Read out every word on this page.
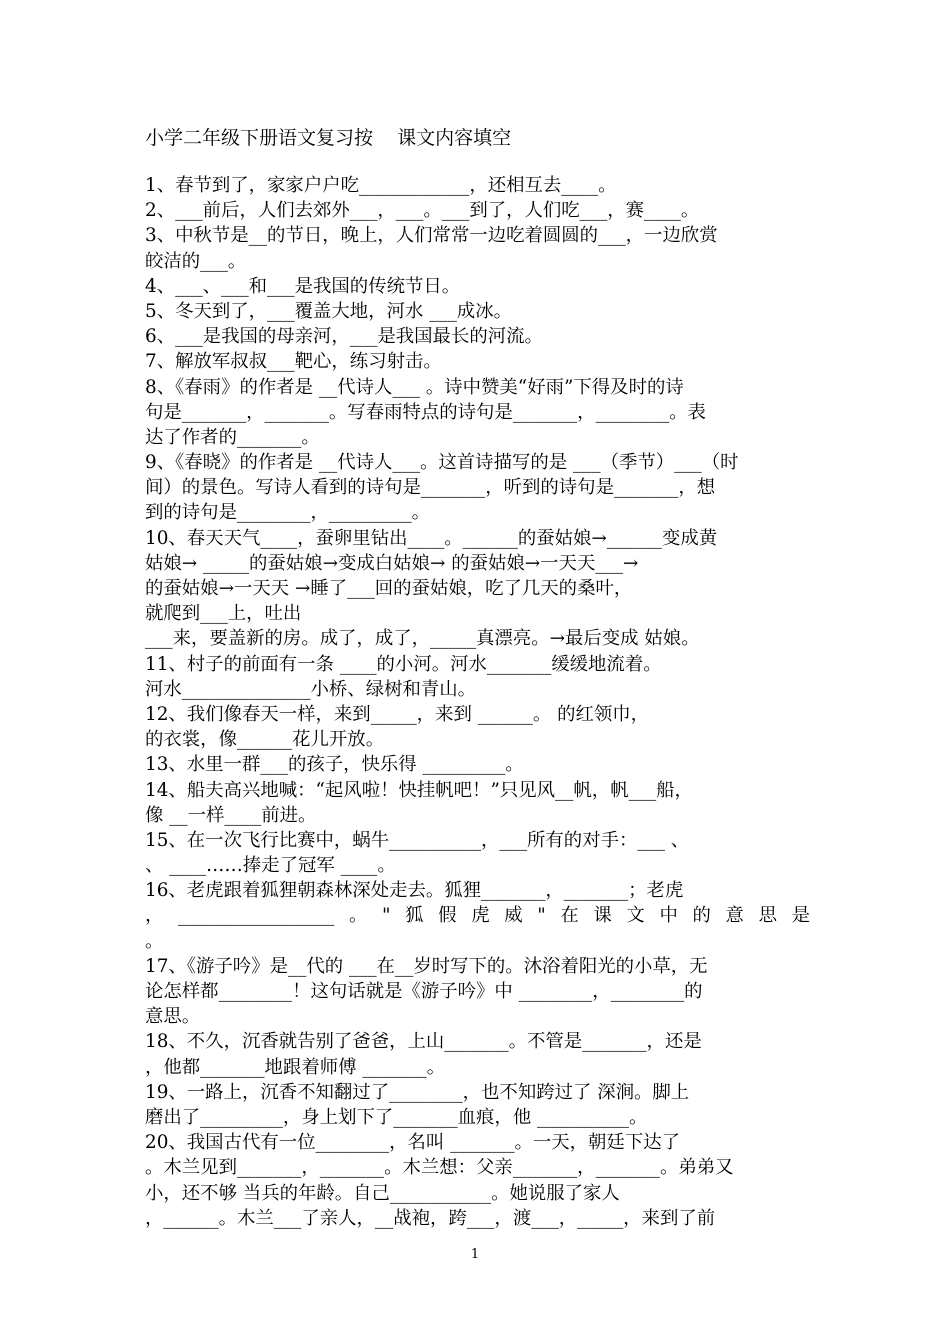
小学二年级下册语文复习按    课文内容填空
1、春节到了，家家户户吃____________，还相互去____。
2、___前后，人们去郊外___，___。___到了，人们吃___，赛____。
3、中秋节是__的节日，晚上，人们常常一边吃着圆圆的___，一边欣赏
皎洁的___。
4、___、___和___是我国的传统节日。
5、冬天到了，___覆盖大地，河水 ___成冰。
6、___是我国的母亲河，___是我国最长的河流。
7、解放军叔叔___靶心，练习射击。
8、《春雨》的作者是 __代诗人___ 。诗中赞美“好雨”下得及时的诗
句是_______，_______。写春雨特点的诗句是_______，________。表
达了作者的_______。
9、《春晓》的作者是 __代诗人___。这首诗描写的是 ___（季节）___（时
间）的景色。写诗人看到的诗句是_______，听到的诗句是_______，想
到的诗句是________，_________。
10、春天天气____，蚕卵里钻出____。______的蚕姑娘→______变成黄
姑娘→ _____的蚕姑娘→变成白姑娘→ 的蚕姑娘→一天天___→
的蚕姑娘→一天天 →睡了___回的蚕姑娘，吃了几天的桑叶，
就爬到___上，吐出
___来，要盖新的房。成了，成了，_____真漂亮。→最后变成 姑娘。
11、村子的前面有一条 ____的小河。河水_______缓缓地流着。
河水______________小桥、绿树和青山。
12、我们像春天一样，来到_____，来到 ______。 的红领巾，
的衣裳，像______花儿开放。
13、水里一群___的孩子，快乐得 _________。
14、船夫高兴地喊：“起风啦！快挂帆吧！”只见风__帆，帆___船，
像 __一样____前进。
15、在一次飞行比赛中，蜗牛__________，___所有的对手：___ 、
、 ____……捧走了冠军 ____。
16、老虎跟着狐狸朝森林深处走去。狐狸_______，_______；老虎
，_________________。"狐假虎威"在课文中的意思是
。
17、《游子吟》是__代的 ___在__岁时写下的。沐浴着阳光的小草，无
论怎样都________！这句话就是《游子吟》中 ________，________的
意思。
18、不久，沉香就告别了爸爸，上山_______。不管是_______，还是
，他都_______地跟着师傅 _______。
19、一路上，沉香不知翻过了________，也不知跨过了 深涧。脚上
磨出了_________，身上划下了_______血痕，他 __________。
20、我国古代有一位________，名叫 _______。一天，朝廷下达了
。木兰见到_______，_______。木兰想：父亲_______，_______。弟弟又
小，还不够 当兵的年龄。自己___________。她说服了家人
，______。木兰___了亲人，__战袍，跨___，渡___，_____，来到了前
1
